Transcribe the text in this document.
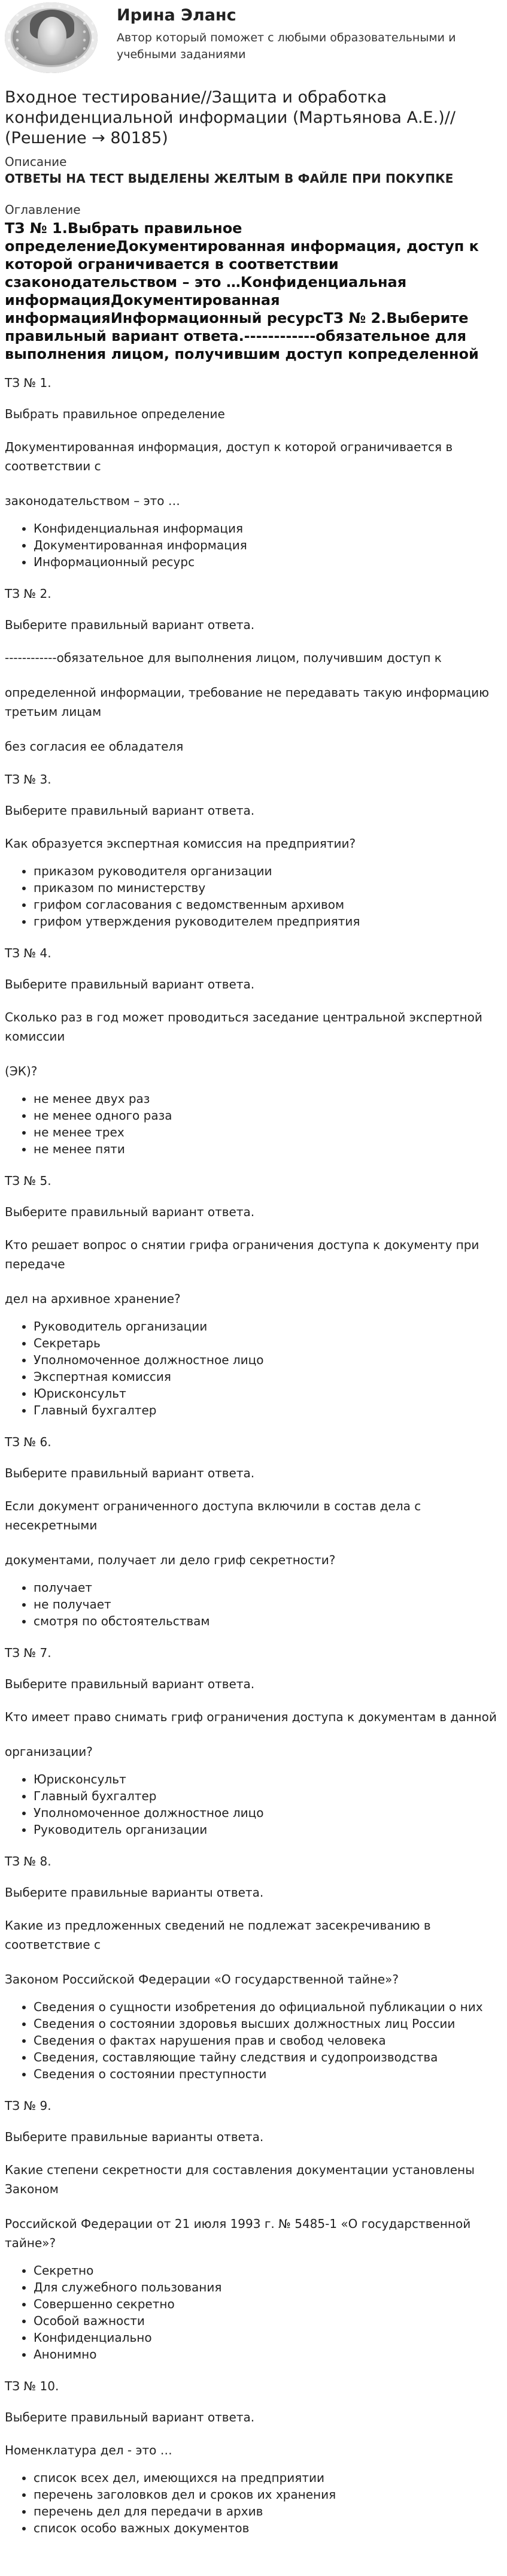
Ирина Эланс
Автор который поможет с любыми образовательными и учебными заданиями
Входное тестирование//Защита и обработка конфиденциальной информации (Мартьянова А.Е.)// (Решение → 80185)
Описание
ОТВЕТЫ НА ТЕСТ ВЫДЕЛЕНЫ ЖЕЛТЫМ В ФАЙЛЕ ПРИ ПОКУПКЕ
Оглавление
ТЗ № 1.Выбрать правильное определениеДокументированная информация, доступ к которой ограничивается в соответствии сзаконодательством – это …Конфиденциальная информацияДокументированная информацияИнформационный ресурсТЗ № 2.Выберите правильный вариант ответа.------------обязательное для выполнения лицом, получившим доступ копределенной
ТЗ № 1.
Выбрать правильное определение
Документированная информация, доступ к которой ограничивается в соответствии с
законодательством – это …
• Конфиденциальная информация
• Документированная информация
• Информационный ресурс
ТЗ № 2.
Выберите правильный вариант ответа.
------------обязательное для выполнения лицом, получившим доступ к
определенной информации, требование не передавать такую информацию третьим лицам
без согласия ее обладателя
ТЗ № 3.
Выберите правильный вариант ответа.
Как образуется экспертная комиссия на предприятии?
• приказом руководителя организации
• приказом по министерству
• грифом согласования с ведомственным архивом
• грифом утверждения руководителем предприятия
ТЗ № 4.
Выберите правильный вариант ответа.
Сколько раз в год может проводиться заседание центральной экспертной комиссии
(ЭК)?
• не менее двух раз
• не менее одного раза
• не менее трех
• не менее пяти
ТЗ № 5.
Выберите правильный вариант ответа.
Кто решает вопрос о снятии грифа ограничения доступа к документу при передаче
дел на архивное хранение?
• Руководитель организации
• Секретарь
• Уполномоченное должностное лицо
• Экспертная комиссия
• Юрисконсульт
• Главный бухгалтер
ТЗ № 6.
Выберите правильный вариант ответа.
Если документ ограниченного доступа включили в состав дела с несекретными
документами, получает ли дело гриф секретности?
• получает
• не получает
• смотря по обстоятельствам
ТЗ № 7.
Выберите правильный вариант ответа.
Кто имеет право снимать гриф ограничения доступа к документам в данной
организации?
• Юрисконсульт
• Главный бухгалтер
• Уполномоченное должностное лицо
• Руководитель организации
ТЗ № 8.
Выберите правильные варианты ответа.
Какие из предложенных сведений не подлежат засекречиванию в соответствие с
Законом Российской Федерации «О государственной тайне»?
• Сведения о сущности изобретения до официальной публикации о них
• Сведения о состоянии здоровья высших должностных лиц России
• Сведения о фактах нарушения прав и свобод человека
• Сведения, составляющие тайну следствия и судопроизводства
• Сведения о состоянии преступности
ТЗ № 9.
Выберите правильные варианты ответа.
Какие степени секретности для составления документации установлены Законом
Российской Федерации от 21 июля 1993 г. № 5485-1 «О государственной тайне»?
• Секретно
• Для служебного пользования
• Совершенно секретно
• Особой важности
• Конфиденциально
• Анонимно
ТЗ № 10.
Выберите правильный вариант ответа.
Номенклатура дел - это …
• список всех дел, имеющихся на предприятии
• перечень заголовков дел и сроков их хранения
• перечень дел для передачи в архив
• список особо важных документов
